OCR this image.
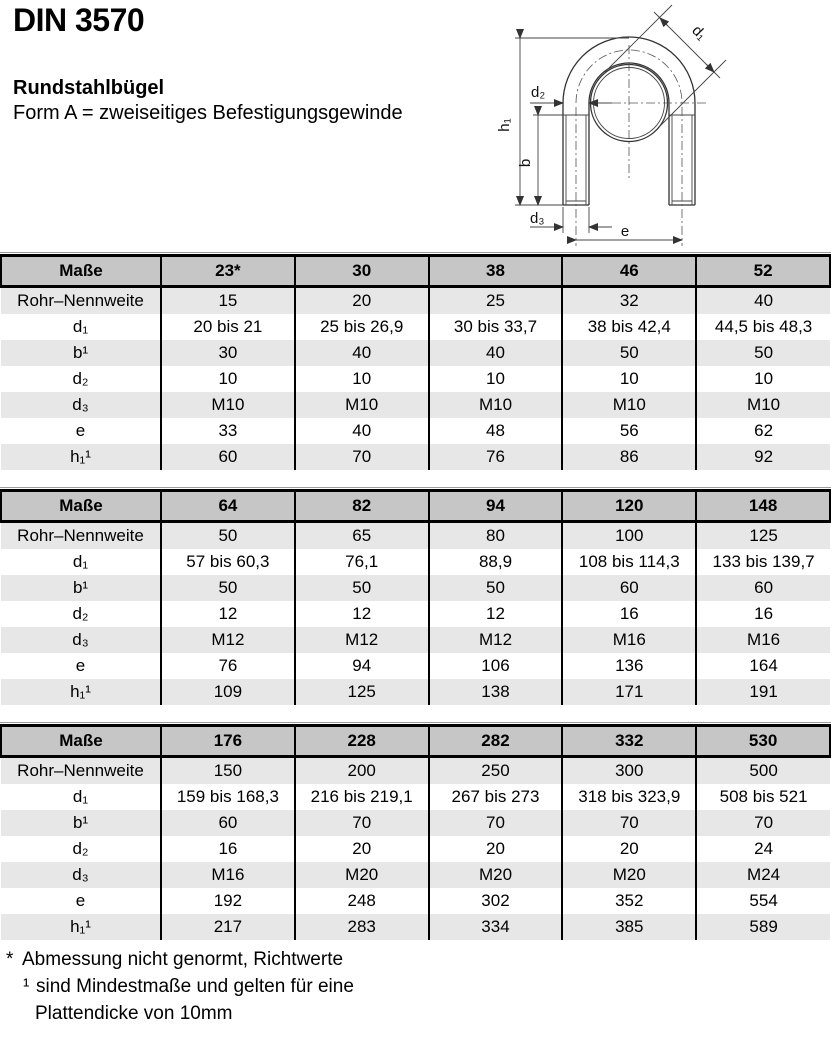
DIN 3570
Rundstahlbügel
Form A = zweiseitiges Befestigungsgewinde
h₁
b
d₂
d₃
e
d₁
Maße	23*	30	38	46	52
Rohr–Nennweite	15	20	25	32	40
d₁	20 bis 21	25 bis 26,9	30 bis 33,7	38 bis 42,4	44,5 bis 48,3
b¹	30	40	40	50	50
d₂	10	10	10	10	10
d₃	M10	M10	M10	M10	M10
e	33	40	48	56	62
h₁¹	60	70	76	86	92
Maße	64	82	94	120	148
Rohr–Nennweite	50	65	80	100	125
d₁	57 bis 60,3	76,1	88,9	108 bis 114,3	133 bis 139,7
b¹	50	50	50	60	60
d₂	12	12	12	16	16
d₃	M12	M12	M12	M16	M16
e	76	94	106	136	164
h₁¹	109	125	138	171	191
Maße	176	228	282	332	530
Rohr–Nennweite	150	200	250	300	500
d₁	159 bis 168,3	216 bis 219,1	267 bis 273	318 bis 323,9	508 bis 521
b¹	60	70	70	70	70
d₂	16	20	20	20	24
d₃	M16	M20	M20	M20	M24
e	192	248	302	352	554
h₁¹	217	283	334	385	589
* Abmessung nicht genormt, Richtwerte
¹ sind Mindestmaße und gelten für eine
Plattendicke von 10mm
